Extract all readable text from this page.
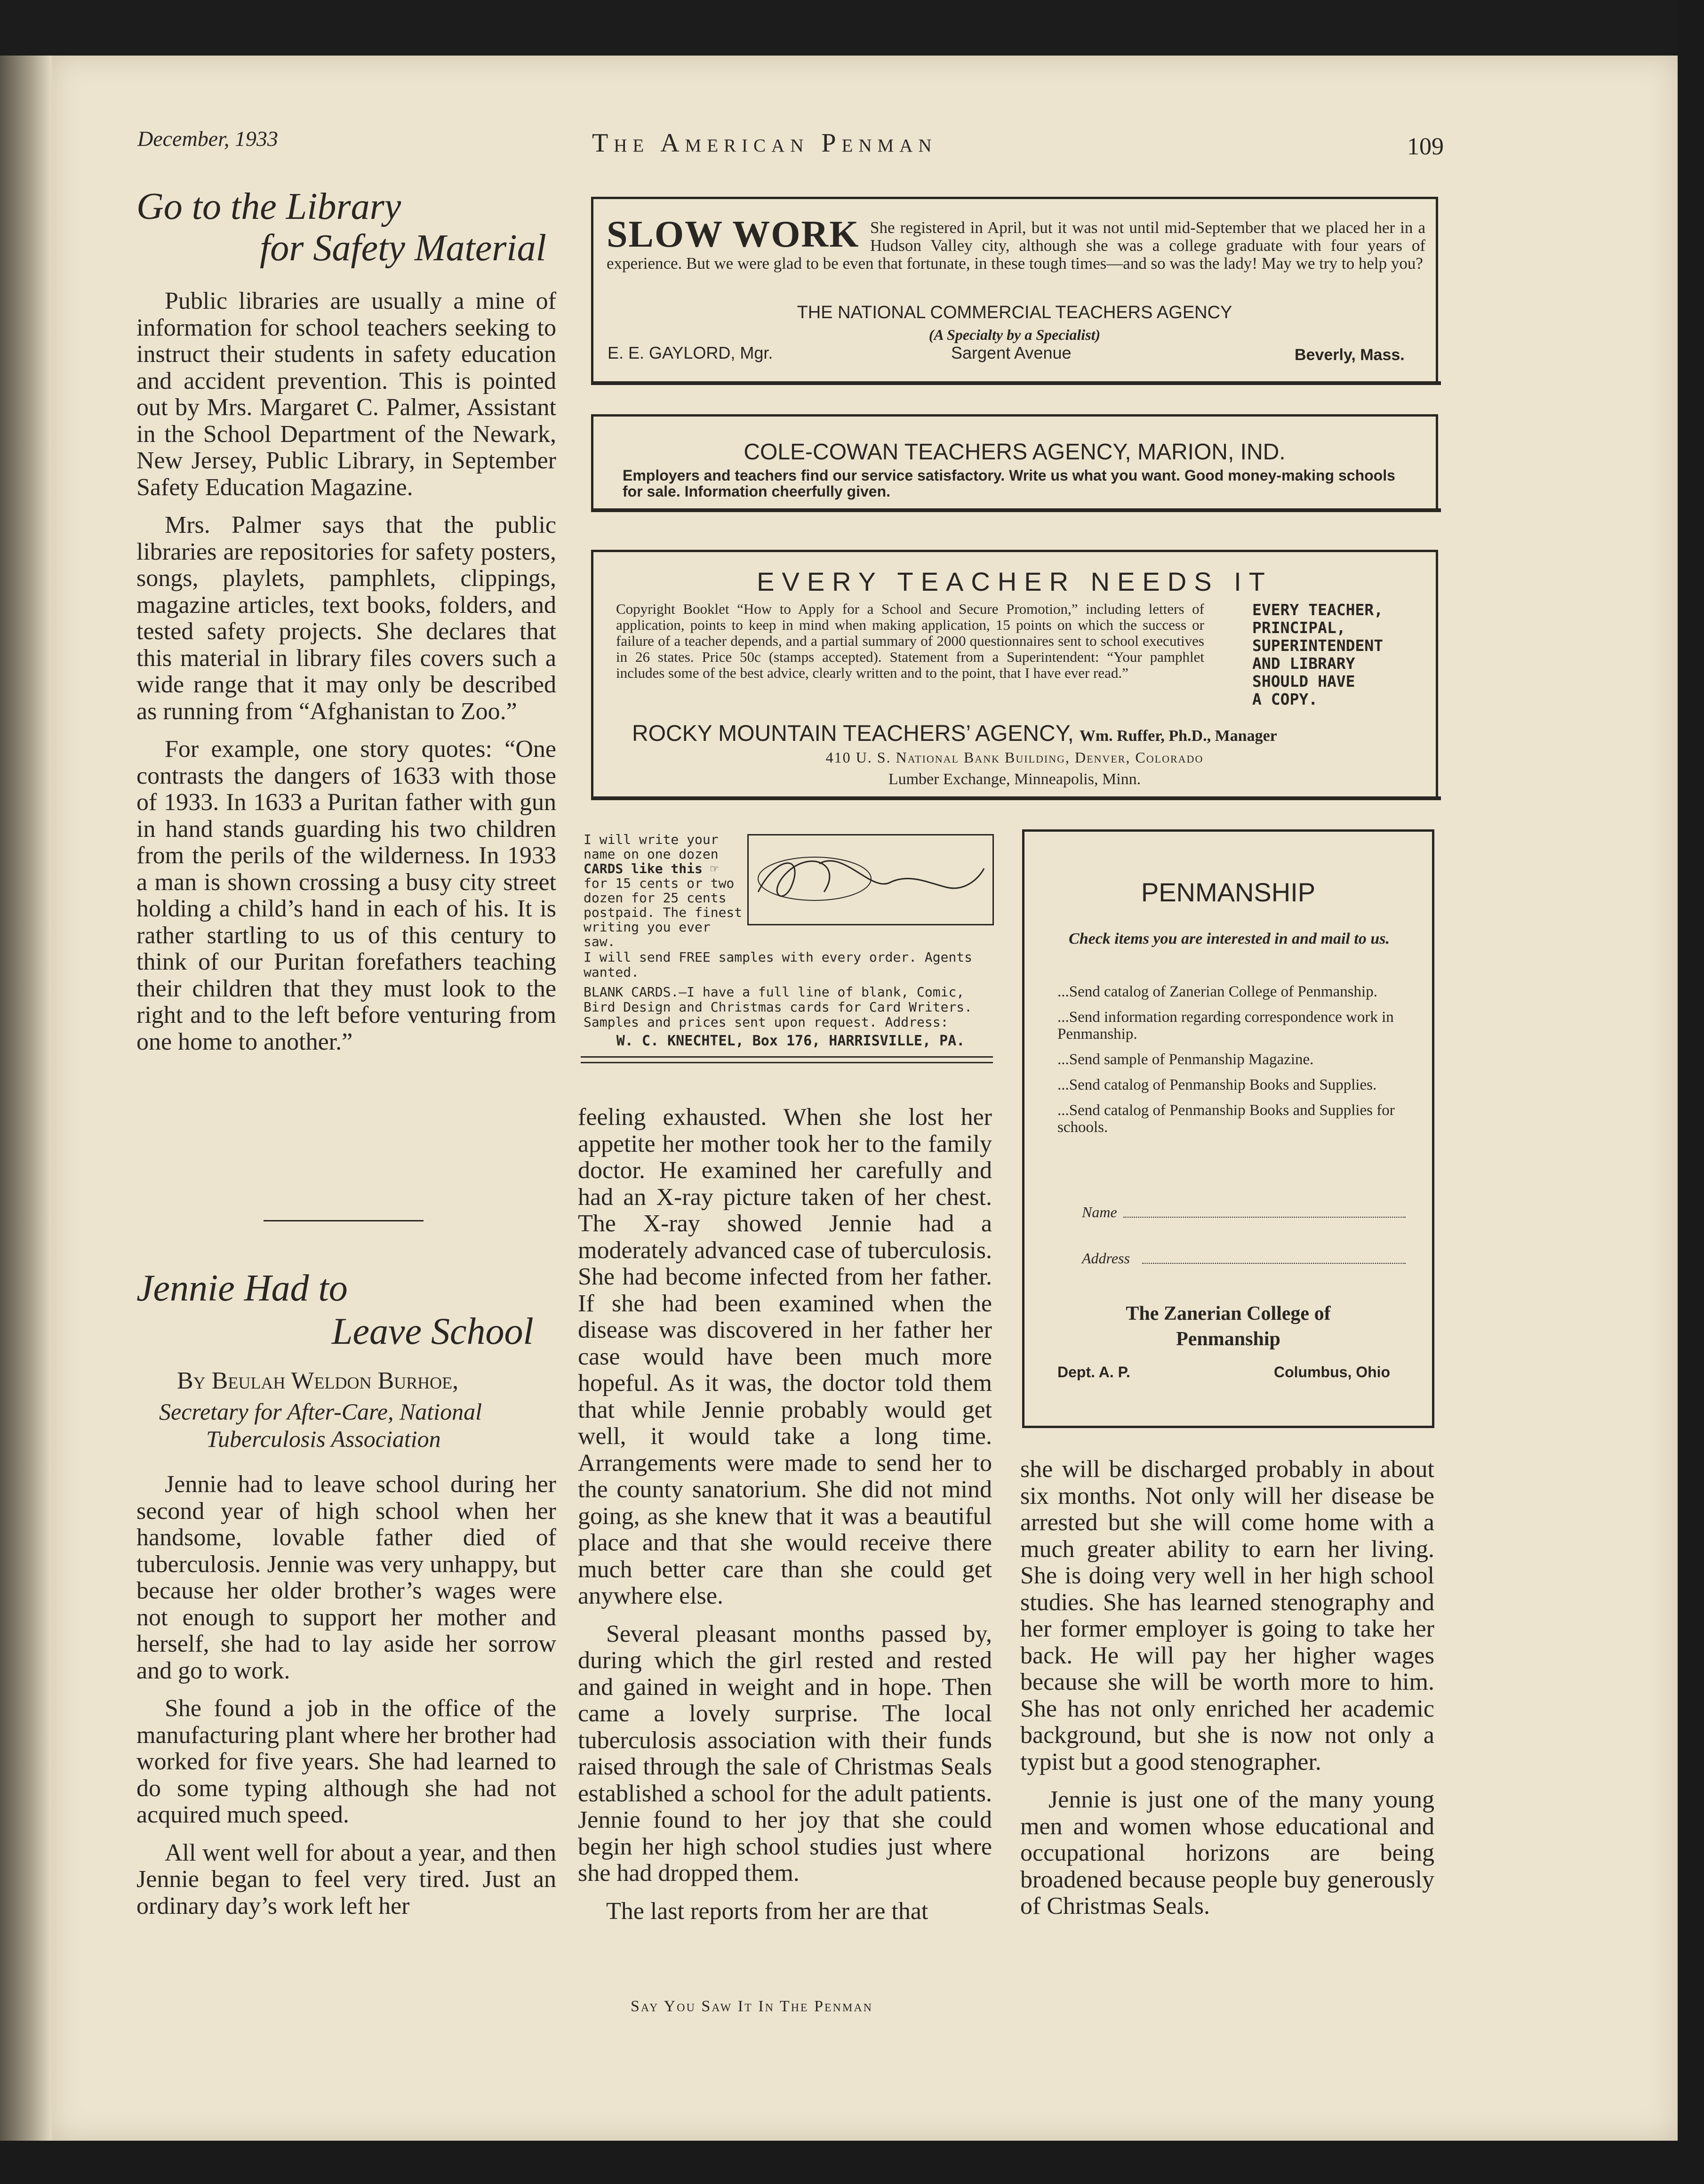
December, 1933	The American Penman	109
Go to the Library
for Safety Material

Public libraries are usually a mine of information for school teachers seeking to instruct their students in safety education and accident prevention. This is pointed out by Mrs. Margaret C. Palmer, Assistant in the School Department of the Newark, New Jersey, Public Library, in September Safety Education Magazine.

Mrs. Palmer says that the public libraries are repositories for safety posters, songs, playlets, pamphlets, clippings, magazine articles, text books, folders, and tested safety projects. She declares that this material in library files covers such a wide range that it may only be described as running from “Afghanistan to Zoo.”

For example, one story quotes: “One contrasts the dangers of 1633 with those of 1933. In 1633 a Puritan father with gun in hand stands guarding his two children from the perils of the wilderness. In 1933 a man is shown crossing a busy city street holding a child’s hand in each of his. It is rather startling to us of this century to think of our Puritan forefathers teaching their children that they must look to the right and to the left before venturing from one home to another.”

Jennie Had to
Leave School
By Beulah Weldon Burhoe,
Secretary for After-Care, National
Tuberculosis Association

Jennie had to leave school during her second year of high school when her handsome, lovable father died of tuberculosis. Jennie was very unhappy, but because her older brother’s wages were not enough to support her mother and herself, she had to lay aside her sorrow and go to work.

She found a job in the office of the manufacturing plant where her brother had worked for five years. She had learned to do some typing although she had not acquired much speed.

All went well for about a year, and then Jennie began to feel very tired. Just an ordinary day’s work left her

feeling exhausted. When she lost her appetite her mother took her to the family doctor. He examined her carefully and had an X-ray picture taken of her chest. The X-ray showed Jennie had a moderately advanced case of tuberculosis. She had become infected from her father. If she had been examined when the disease was discovered in her father her case would have been much more hopeful. As it was, the doctor told them that while Jennie probably would get well, it would take a long time. Arrangements were made to send her to the county sanatorium. She did not mind going, as she knew that it was a beautiful place and that she would receive there much better care than she could get anywhere else.

Several pleasant months passed by, during which the girl rested and rested and gained in weight and in hope. Then came a lovely surprise. The local tuberculosis association with their funds raised through the sale of Christmas Seals established a school for the adult patients. Jennie found to her joy that she could begin her high school studies just where she had dropped them.

The last reports from her are that

she will be discharged probably in about six months. Not only will her disease be arrested but she will come home with a much greater ability to earn her living. She is doing very well in her high school studies. She has learned stenography and her former employer is going to take her back. He will pay her higher wages because she will be worth more to him. She has not only enriched her academic background, but she is now not only a typist but a good stenographer.

Jennie is just one of the many young men and women whose educational and occupational horizons are being broadened because people buy generously of Christmas Seals.

SLOW WORK She registered in April, but it was not until mid-September that we placed her in a Hudson Valley city, although she was a college graduate with four years of experience. But we were glad to be even that fortunate, in these tough times—and so was the lady! May we try to help you?
THE NATIONAL COMMERCIAL TEACHERS AGENCY
(A Specialty by a Specialist)
E. E. GAYLORD, Mgr.	Sargent Avenue	Beverly, Mass.
COLE-COWAN TEACHERS AGENCY, MARION, IND.
Employers and teachers find our service satisfactory. Write us what you want. Good money-making schools for sale. Information cheerfully given.
EVERY TEACHER NEEDS IT
Copyright Booklet “How to Apply for a School and Secure Promotion,” including letters of application, points to keep in mind when making application, 15 points on which the success or failure of a teacher depends, and a partial summary of 2000 questionnaires sent to school executives in 26 states. Price 50c (stamps accepted). Statement from a Superintendent: “Your pamphlet includes some of the best advice, clearly written and to the point, that I have ever read.”
EVERY TEACHER,
PRINCIPAL,
SUPERINTENDENT
AND LIBRARY
SHOULD HAVE
A COPY.
ROCKY MOUNTAIN TEACHERS’ AGENCY, Wm. Ruffer, Ph.D., Manager
410 U. S. National Bank Building, Denver, Colorado
Lumber Exchange, Minneapolis, Minn.
I will write your
name on one dozen
CARDS like this ☞
for 15 cents or two
dozen for 25 cents
postpaid. The finest
writing you ever saw.
I will send FREE samples with every order. Agents wanted.
BLANK CARDS.—I have a full line of blank, Comic, Bird Design and Christmas cards for Card Writers. Samples and prices sent upon request. Address:
W. C. KNECHTEL, Box 176, HARRISVILLE, PA.
PENMANSHIP
Check items you are interested in and mail to us.
...Send catalog of Zanerian College of Penmanship.
...Send information regarding correspondence work in Penmanship.
...Send sample of Penmanship Magazine.
...Send catalog of Penmanship Books and Supplies.
...Send catalog of Penmanship Books and Supplies for schools.
Name
Address
The Zanerian College of
Penmanship
Dept. A. P.	Columbus, Ohio
Say You Saw It In The Penman
